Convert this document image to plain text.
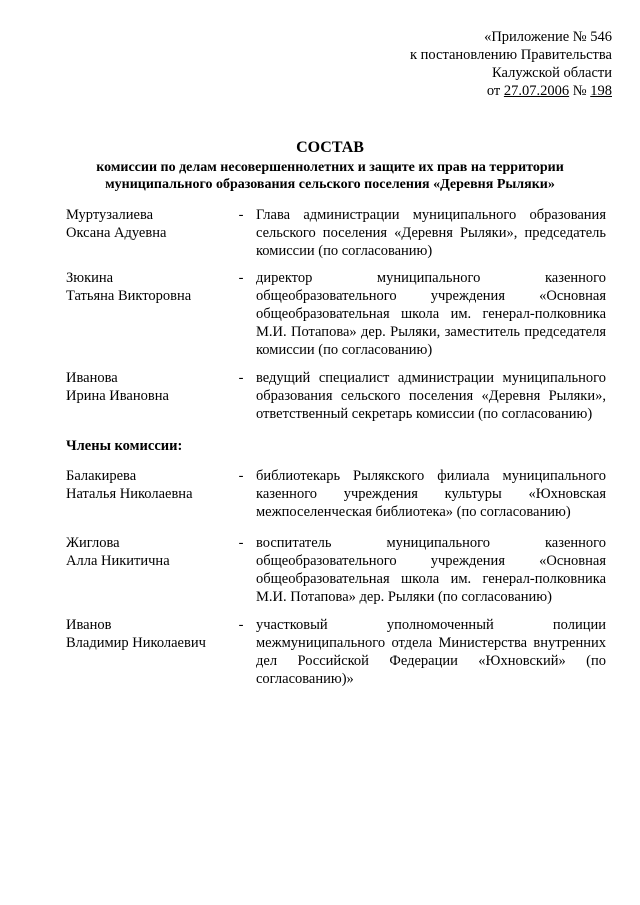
«Приложение № 546
к постановлению Правительства
Калужской области
от 27.07.2006 № 198
СОСТАВ
комиссии по делам несовершеннолетних и защите их прав на территории муниципального образования сельского поселения «Деревня Рыляки»
Муртузалиева
Оксана Адуевна
- Глава администрации муниципального образования сельского поселения «Деревня Рыляки», председатель комиссии (по согласованию)
Зюкина
Татьяна Викторовна
- директор муниципального казенного общеобразовательного учреждения «Основная общеобразовательная школа им. генерал-полковника М.И. Потапова» дер. Рыляки, заместитель председателя комиссии (по согласованию)
Иванова
Ирина Ивановна
- ведущий специалист администрации муниципального образования сельского поселения «Деревня Рыляки», ответственный секретарь комиссии (по согласованию)
Члены комиссии:
Балакирева
Наталья Николаевна
- библиотекарь Рылякского филиала муниципального казенного учреждения культуры «Юхновская межпоселенческая библиотека» (по согласованию)
Жиглова
Алла Никитична
- воспитатель муниципального казенного общеобразовательного учреждения «Основная общеобразовательная школа им. генерал-полковника М.И. Потапова» дер. Рыляки (по согласованию)
Иванов
Владимир Николаевич
- участковый уполномоченный полиции межмуниципального отдела Министерства внутренних дел Российской Федерации «Юхновский» (по согласованию)»
